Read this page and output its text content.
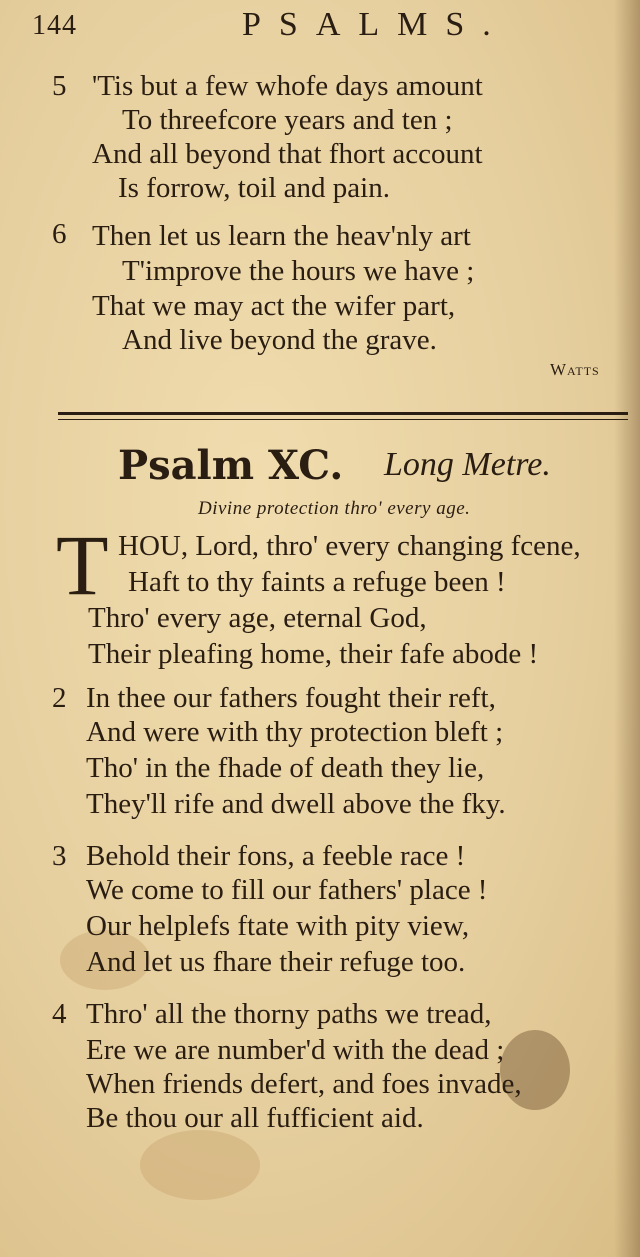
144	PSALMS.
5 'Tis but a few whofe days amount
To threefcore years and ten ;
And all beyond that fhort account
Is forrow, toil and pain.
6 Then let us learn the heav'nly art
T'improve the hours we have ;
That we may act the wifer part,
And live beyond the grave.
Watts
Psalm XC. Long Metre.
Divine protection thro' every age.
T HOU, Lord, thro' every changing fcene,
Haft to thy faints a refuge been !
Thro' every age, eternal God,
Their pleafing home, their fafe abode !
2 In thee our fathers fought their reft,
And were with thy protection bleft ;
Tho' in the fhade of death they lie,
They'll rife and dwell above the fky.
3 Behold their fons, a feeble race !
We come to fill our fathers' place !
Our helplefs ftate with pity view,
And let us fhare their refuge too.
4 Thro' all the thorny paths we tread,
Ere we are number'd with the dead ;
When friends defert, and foes invade,
Be thou our all fufficient aid.
